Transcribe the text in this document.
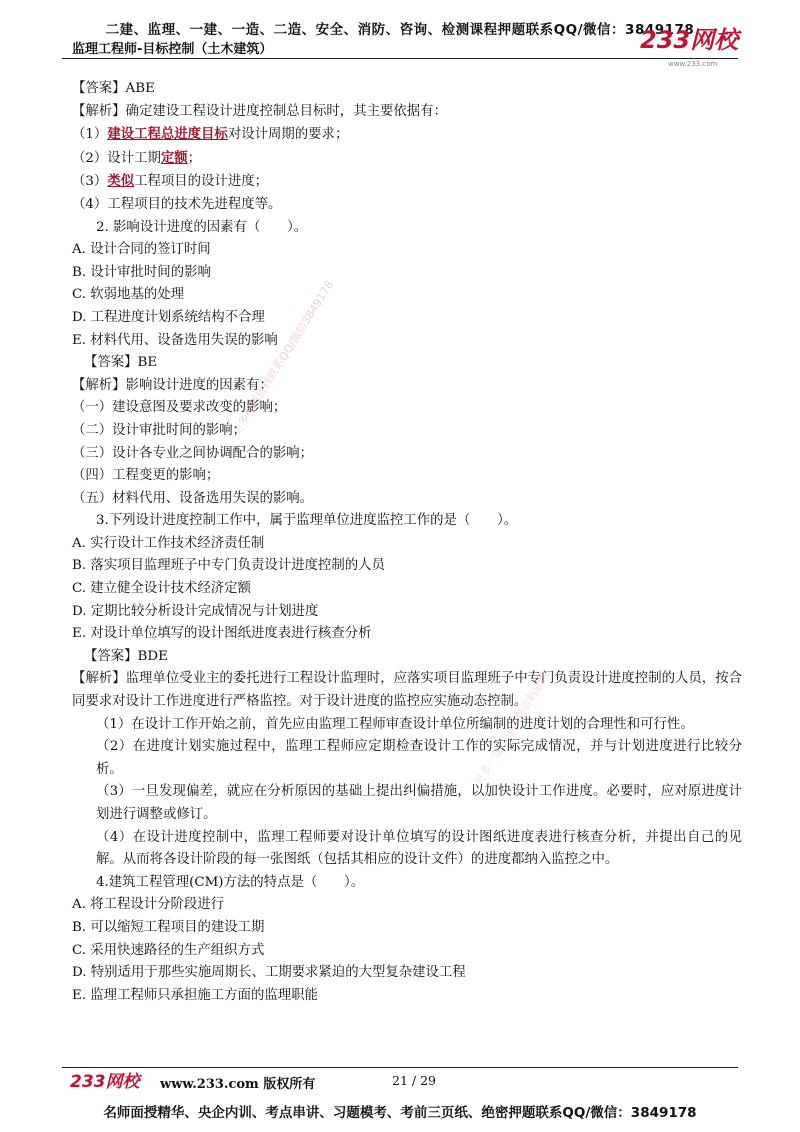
二建、监理、一建、一造、二造、安全、消防、咨询、检测课程押题联系QQ/微信：3849178
监理工程师-目标控制（土木建筑）	233网校
www.233.com

【答案】ABE

【解析】确定建设工程设计进度控制总目标时，其主要依据有：

（1）建设工程总进度目标对设计周期的要求；

（2）设计工期定额；

（3）类似工程项目的设计进度；

（4）工程项目的技术先进程度等。

2. 影响设计进度的因素有（　　）。

A. 设计合同的签订时间

B. 设计审批时间的影响

C. 软弱地基的处理

D. 工程进度计划系统结构不合理

E. 材料代用、设备选用失误的影响

【答案】BE

【解析】影响设计进度的因素有：

（一）建设意图及要求改变的影响；

（二）设计审批时间的影响；

（三）设计各专业之间协调配合的影响；

（四）工程变更的影响；

（五）材料代用、设备选用失误的影响。

3.下列设计进度控制工作中，属于监理单位进度监控工作的是（　　）。

A. 实行设计工作技术经济责任制

B. 落实项目监理班子中专门负责设计进度控制的人员

C. 建立健全设计技术经济定额

D. 定期比较分析设计完成情况与计划进度

E. 对设计单位填写的设计图纸进度表进行核查分析

【答案】BDE

【解析】监理单位受业主的委托进行工程设计监理时，应落实项目监理班子中专门负责设计进度控制的人员，按合同要求对设计工作进度进行严格监控。对于设计进度的监控应实施动态控制。

（1）在设计工作开始之前，首先应由监理工程师审查设计单位所编制的进度计划的合理性和可行性。

（2）在进度计划实施过程中，监理工程师应定期检查设计工作的实际完成情况，并与计划进度进行比较分析。

（3）一旦发现偏差，就应在分析原因的基础上提出纠偏措施，以加快设计工作进度。必要时，应对原进度计划进行调整或修订。

（4）在设计进度控制中，监理工程师要对设计单位填写的设计图纸进度表进行核查分析，并提出自己的见解。从而将各设计阶段的每一张图纸（包括其相应的设计文件）的进度都纳入监控之中。

4.建筑工程管理(CM)方法的特点是（　　）。

A. 将工程设计分阶段进行

B. 可以缩短工程项目的建设工期

C. 采用快速路径的生产组织方式

D. 特别适用于那些实施周期长、工期要求紧迫的大型复杂建设工程

E. 监理工程师只承担施工方面的监理职能

更多押题资料联系QQ/微信3849178
更多一建二建押题资料联系
233网校 www.233.com 版权所有	21 / 29
名师面授精华、央企内训、考点串讲、习题模考、考前三页纸、绝密押题联系QQ/微信：3849178
